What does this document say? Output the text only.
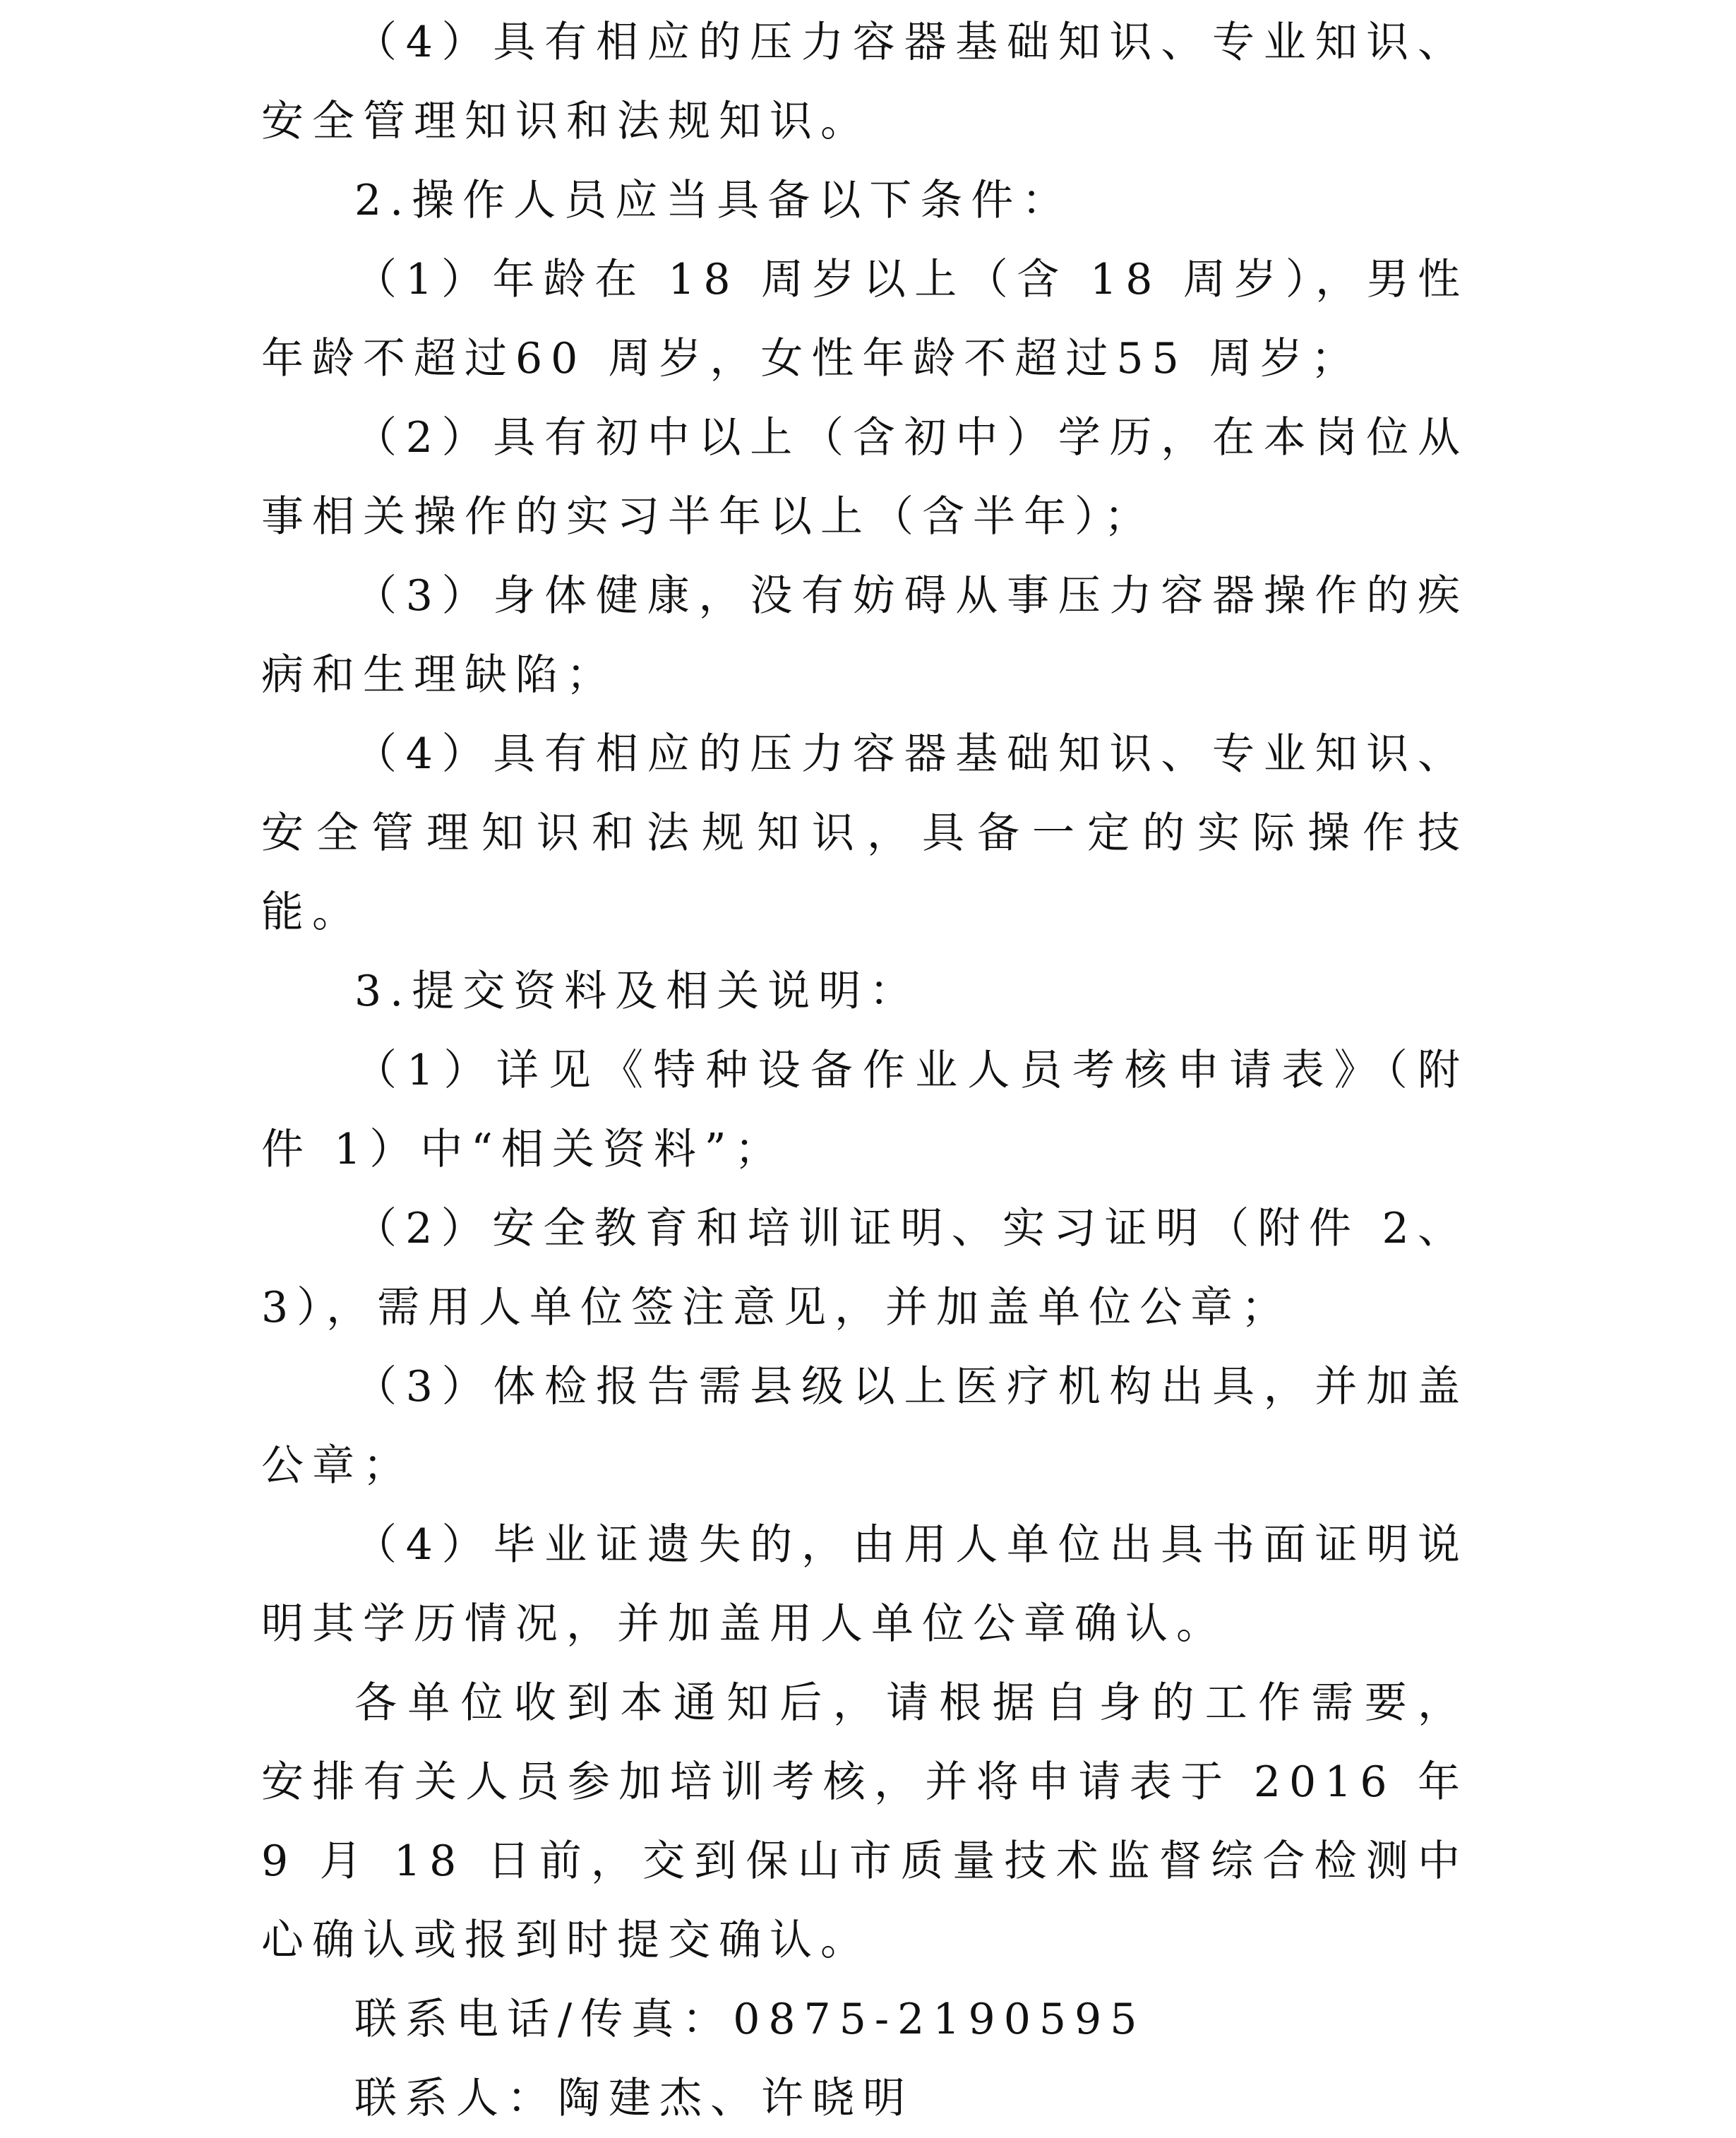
（4）具有相应的压力容器基础知识、专业知识、安全管理知识和法规知识。

2.操作人员应当具备以下条件：

（1）年龄在 18 周岁以上（含 18 周岁），男性年龄不超过60 周岁，女性年龄不超过55 周岁；

（2）具有初中以上（含初中）学历，在本岗位从事相关操作的实习半年以上（含半年）；

（3）身体健康，没有妨碍从事压力容器操作的疾病和生理缺陷；

（4）具有相应的压力容器基础知识、专业知识、安全管理知识和法规知识，具备一定的实际操作技能。

3.提交资料及相关说明：

（1）详见《特种设备作业人员考核申请表》（附件 1）中“相关资料”；

（2）安全教育和培训证明、实习证明（附件 2、3），需用人单位签注意见，并加盖单位公章；

（3）体检报告需县级以上医疗机构出具，并加盖公章；

（4）毕业证遗失的，由用人单位出具书面证明说明其学历情况，并加盖用人单位公章确认。

各单位收到本通知后，请根据自身的工作需要，安排有关人员参加培训考核，并将申请表于 2016 年 9 月 18 日前，交到保山市质量技术监督综合检测中心确认或报到时提交确认。

联系电话/传真：0875-2190595

联系人：陶建杰、许晓明
